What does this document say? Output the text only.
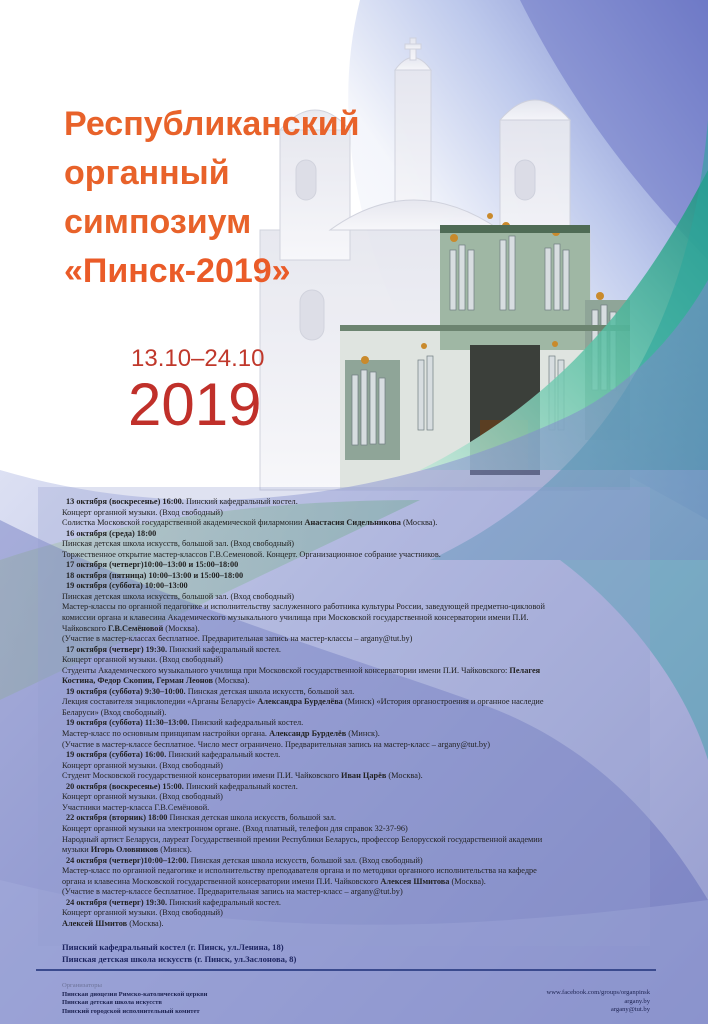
Республиканский
органный
симпозиум
«Пинск-2019»
13.10–24.10
2019

13 октября (воскресенье) 16:00. Пинский кафедральный костел.

Концерт органной музыки. (Вход свободный)

Солистка Московской государственной академической филармонии Анастасия Сидельникова (Москва).

16 октября (среда) 18:00

Пинская детская школа искусств, большой зал. (Вход свободный)

Торжественное открытие мастер-классов Г.В.Семеновой. Концерт. Организационное собрание участников.

17 октября (четверг)10:00–13:00 и 15:00–18:00

18 октября (пятница) 10:00–13:00 и 15:00–18:00

19 октября (суббота) 10:00–13:00

Пинская детская школа искусств, большой зал. (Вход свободный)

Мастер-классы по органной педагогике и исполнительству заслуженного работника культуры России, заведующей предметно-цикловой

комиссии органа и клавесина Академического музыкального училища при Московской государственной консерватории имени П.И.

Чайковского Г.В.Семёновой (Москва).

(Участие в мастер-классах бесплатное. Предварительная запись на мастер-классы – argany@tut.by)

17 октября (четверг) 19:30. Пинский кафедральный костел.

Концерт органной музыки. (Вход свободный)

Студенты Академического музыкального училища при Московской государственной консерватории имени П.И. Чайковского: Пелагея

Костина, Федор Скопин, Герман Леонов (Москва).

19 октября (суббота) 9:30–10:00. Пинская детская школа искусств, большой зал.

Лекция составителя энциклопедии «Арганы Беларусі» Александра Бурделёва (Минск) «История органостроения и органное наследие

Беларуси» (Вход свободный).

19 октября (суббота) 11:30–13:00. Пинский кафедральный костел.

Мастер-класс по основным принципам настройки органа. Александр Бурделёв (Минск).

(Участие в мастер-классе бесплатное. Число мест ограничено. Предварительная запись на мастер-класс – argany@tut.by)

19 октября (суббота) 16:00. Пинский кафедральный костел.

Концерт органной музыки. (Вход свободный)

Студент Московской государственной консерватории имени П.И. Чайковского Иван Царёв (Москва).

20 октября (воскресенье) 15:00. Пинский кафедральный костел.

Концерт органной музыки. (Вход свободный)

Участники мастер-класса Г.В.Семёновой.

22 октября (вторник) 18:00 Пинская детская школа искусств, большой зал.

Концерт органной музыки на электронном органе. (Вход платный, телефон для справок 32-37-96)

Народный артист Беларуси, лауреат Государственной премии Республики Беларусь, профессор Белорусской государственной академии

музыки Игорь Оловников (Минск).

24 октября (четверг)10:00–12:00. Пинская детская школа искусств, большой зал. (Вход свободный)

Мастер-класс по органной педагогике и исполнительству преподавателя органа и по методики органного исполнительства на кафедре

органа и клавесина Московской государственной консерватории имени П.И. Чайковского Алексея Шмитова (Москва).

(Участие в мастер-классе бесплатное. Предварительная запись на мастер-класс – argany@tut.by)

24 октября (четверг) 19:30. Пинский кафедральный костел.

Концерт органной музыки. (Вход свободный)

Алексей Шмитов (Москва).

Пинский кафедральный костел (г. Пинск, ул.Ленина, 18)
Пинская детская школа искусств (г. Пинск, ул.Заслонова, 8)
Организаторы
Пинская диоцезия Римско-католической церкви
Пинская детская школа искусств
Пинский городской исполнительный комитет
www.facebook.com/groups/organpinsk
argany.by
argany@tut.by
